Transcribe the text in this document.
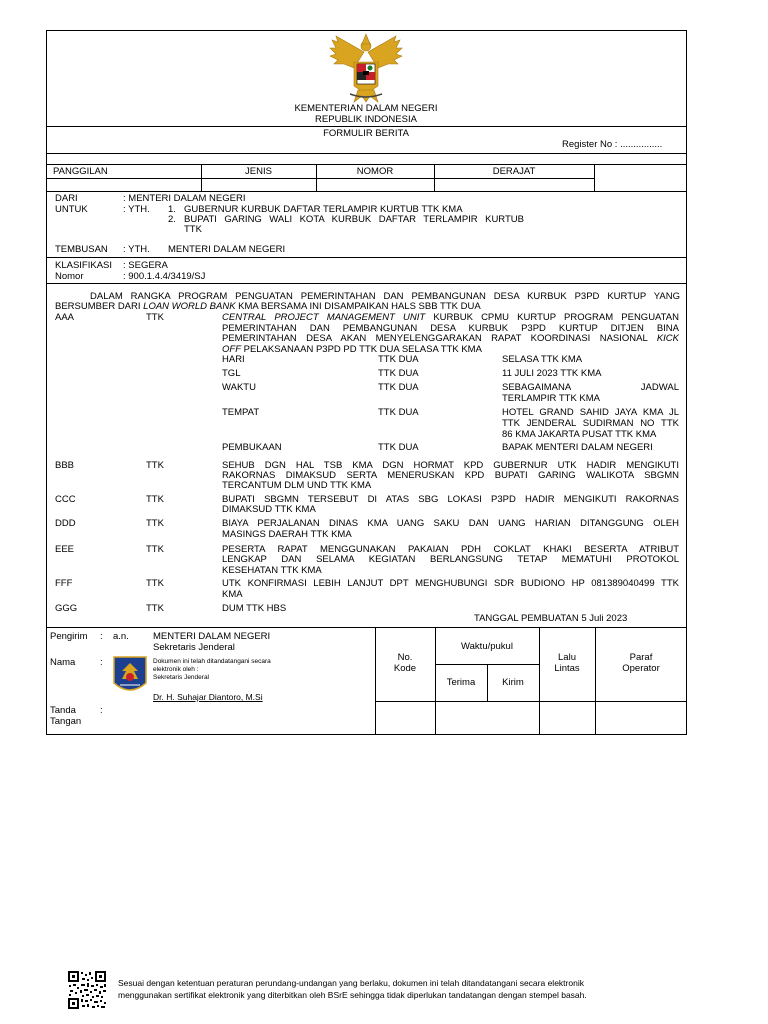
KEMENTERIAN DALAM NEGERI
REPUBLIK INDONESIA
FORMULIR BERITA
Register No : ................
PANGGILAN	JENIS	NOMOR	DERAJAT
DARI	: MENTERI DALAM NEGERI
UNTUK	: YTH. 1. GUBERNUR KURBUK DAFTAR TERLAMPIR KURTUB TTK KMA
2. BUPATI GARING WALI KOTA KURBUK DAFTAR TERLAMPIR KURTUB
TTK
TEMBUSAN : YTH. MENTERI DALAM NEGERI
KLASIFIKASI : SEGERA
Nomor	: 900.1.4.4/3419/SJ
DALAM RANGKA PROGRAM PENGUATAN PEMERINTAHAN DAN PEMBANGUNAN DESA KURBUK P3PD KURTUP YANG
BERSUMBER DARI LOAN WORLD BANK KMA BERSAMA INI DISAMPAIKAN HALS SBB TTK DUA
AAA	TTK	CENTRAL PROJECT MANAGEMENT UNIT KURBUK CPMU KURTUP PROGRAM PENGUATAN
PEMERINTAHAN DAN PEMBANGUNAN DESA KURBUK P3PD KURTUP DITJEN BINA
PEMERINTAHAN DESA AKAN MENYELENGGARAKAN RAPAT KOORDINASI NASIONAL KICK
OFF PELAKSANAAN P3PD PD TTK DUA SELASA TTK KMA
HARI	TTK DUA	SELASA TTK KMA
TGL	TTK DUA	11 JULI 2023 TTK KMA
WAKTU	TTK DUA	SEBAGAIMANA JADWAL
TERLAMPIR TTK KMA
TEMPAT	TTK DUA	HOTEL GRAND SAHID JAYA KMA JL
TTK JENDERAL SUDIRMAN NO TTK
86 KMA JAKARTA PUSAT TTK KMA
PEMBUKAAN	TTK DUA	BAPAK MENTERI DALAM NEGERI
BBB	TTK	SEHUB DGN HAL TSB KMA DGN HORMAT KPD GUBERNUR UTK HADIR MENGIKUTI
RAKORNAS DIMAKSUD SERTA MENERUSKAN KPD BUPATI GARING WALIKOTA SBGMN
TERCANTUM DLM UND TTK KMA
CCC	TTK	BUPATI SBGMN TERSEBUT DI ATAS SBG LOKASI P3PD HADIR MENGIKUTI RAKORNAS
DIMAKSUD TTK KMA
DDD	TTK	BIAYA PERJALANAN DINAS KMA UANG SAKU DAN UANG HARIAN DITANGGUNG OLEH
MASINGS DAERAH TTK KMA
EEE	TTK	PESERTA RAPAT MENGGUNAKAN PAKAIAN PDH COKLAT KHAKI BESERTA ATRIBUT
LENGKAP DAN SELAMA KEGIATAN BERLANGSUNG TETAP MEMATUHI PROTOKOL
KESEHATAN TTK KMA
FFF	TTK	UTK KONFIRMASI LEBIH LANJUT DPT MENGHUBUNGI SDR BUDIONO HP 081389040499 TTK
KMA
GGG	TTK	DUM TTK HBS
TANGGAL PEMBUATAN 5 Juli 2023
Pengirim : a.n.	MENTERI DALAM NEGERI
Sekretaris Jenderal
Nama	:	Dokumen ini telah ditandatangani secara
elektronik oleh :
Sekretaris Jenderal
Dr. H. Suhajar Diantoro, M.Si
Tanda	:
Tangan
No.
Kode
Waktu/pukul
Terima	Kirim
Lalu
Lintas
Paraf
Operator
Sesuai dengan ketentuan peraturan perundang-undangan yang berlaku, dokumen ini telah ditandatangani secara elektronik
menggunakan sertifikat elektronik yang diterbitkan oleh BSrE sehingga tidak diperlukan tandatangan dengan stempel basah.
